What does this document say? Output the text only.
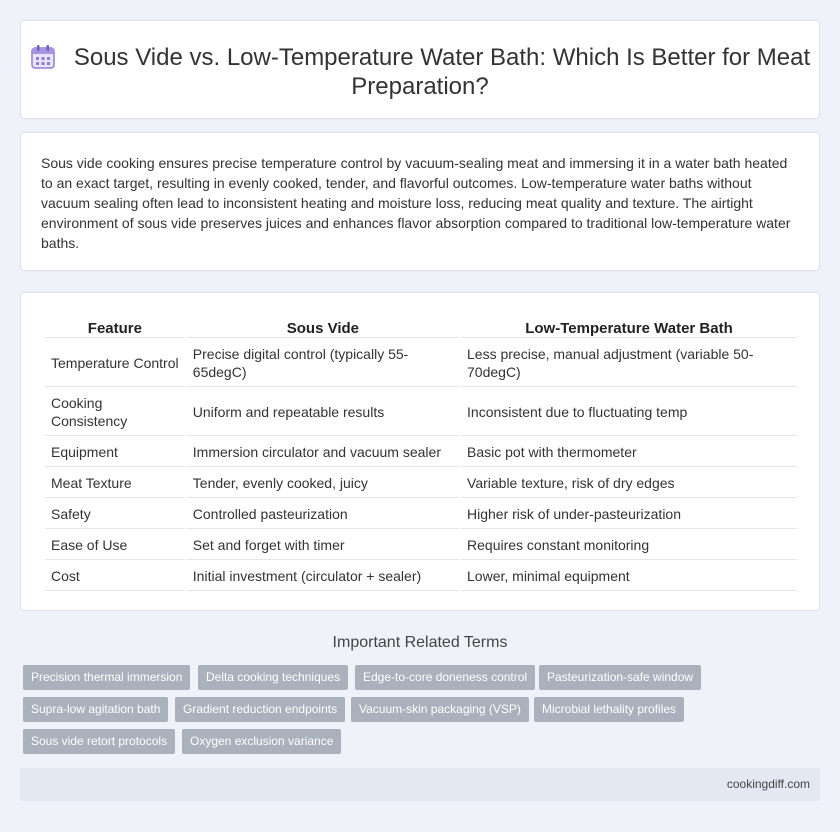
Sous Vide vs. Low-Temperature Water Bath: Which Is Better for Meat Preparation?

Sous vide cooking ensures precise temperature control by vacuum-sealing meat and immersing it in a water bath heated to an exact target, resulting in evenly cooked, tender, and flavorful outcomes. Low-temperature water baths without vacuum sealing often lead to inconsistent heating and moisture loss, reducing meat quality and texture. The airtight environment of sous vide preserves juices and enhances flavor absorption compared to traditional low-temperature water baths.

Feature	Sous Vide	Low-Temperature Water Bath
Temperature Control	Precise digital control (typically 55-65degC)	Less precise, manual adjustment (variable 50-70degC)
Cooking Consistency	Uniform and repeatable results	Inconsistent due to fluctuating temp
Equipment	Immersion circulator and vacuum sealer	Basic pot with thermometer
Meat Texture	Tender, evenly cooked, juicy	Variable texture, risk of dry edges
Safety	Controlled pasteurization	Higher risk of under-pasteurization
Ease of Use	Set and forget with timer	Requires constant monitoring
Cost	Initial investment (circulator + sealer)	Lower, minimal equipment
Important Related Terms
Precision thermal immersion	Delta cooking techniques	Edge-to-core doneness control	Pasteurization-safe window
Supra-low agitation bath	Gradient reduction endpoints	Vacuum-skin packaging (VSP)	Microbial lethality profiles
Sous vide retort protocols	Oxygen exclusion variance
cookingdiff.com
